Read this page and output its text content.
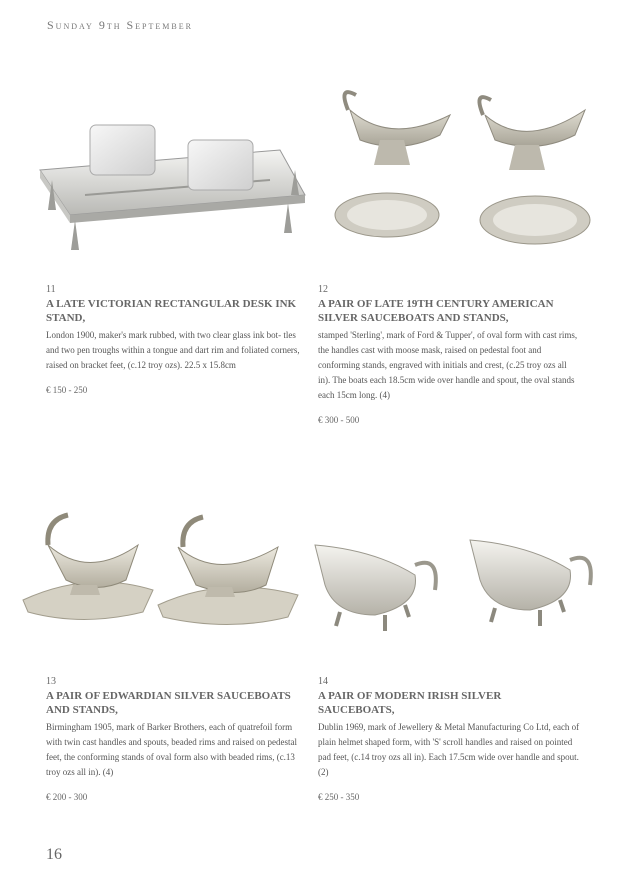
Sunday 9th September
11
A LATE VICTORIAN RECTANGULAR DESK INK STAND,
London 1900, maker's mark rubbed, with two clear glass ink bot- tles and two pen troughs within a tongue and dart rim and foliated corners, raised on bracket feet, (c.12 troy ozs). 22.5 x 15.8cm
€ 150 - 250
12
A PAIR OF LATE 19TH CENTURY AMERICAN SILVER SAUCEBOATS AND STANDS,
stamped 'Sterling', mark of Ford & Tupper', of oval form with cast rims, the handles cast with moose mask, raised on pedestal foot and conforming stands, engraved with initials and crest, (c.25 troy ozs all in). The boats each 18.5cm wide over handle and spout, the oval stands each 15cm long. (4)
€ 300 - 500
13
A PAIR OF EDWARDIAN SILVER SAUCEBOATS AND STANDS,
Birmingham 1905, mark of Barker Brothers, each of quatrefoil form with twin cast handles and spouts, beaded rims and raised on pedestal feet, the conforming stands of oval form also with beaded rims, (c.13 troy ozs all in). (4)
€ 200 - 300
14
A PAIR OF MODERN IRISH SILVER SAUCEBOATS,
Dublin 1969, mark of Jewellery & Metal Manufacturing Co Ltd, each of plain helmet shaped form, with 'S' scroll handles and raised on pointed pad feet, (c.14 troy ozs all in). Each 17.5cm wide over handle and spout. (2)
€ 250 - 350
16
